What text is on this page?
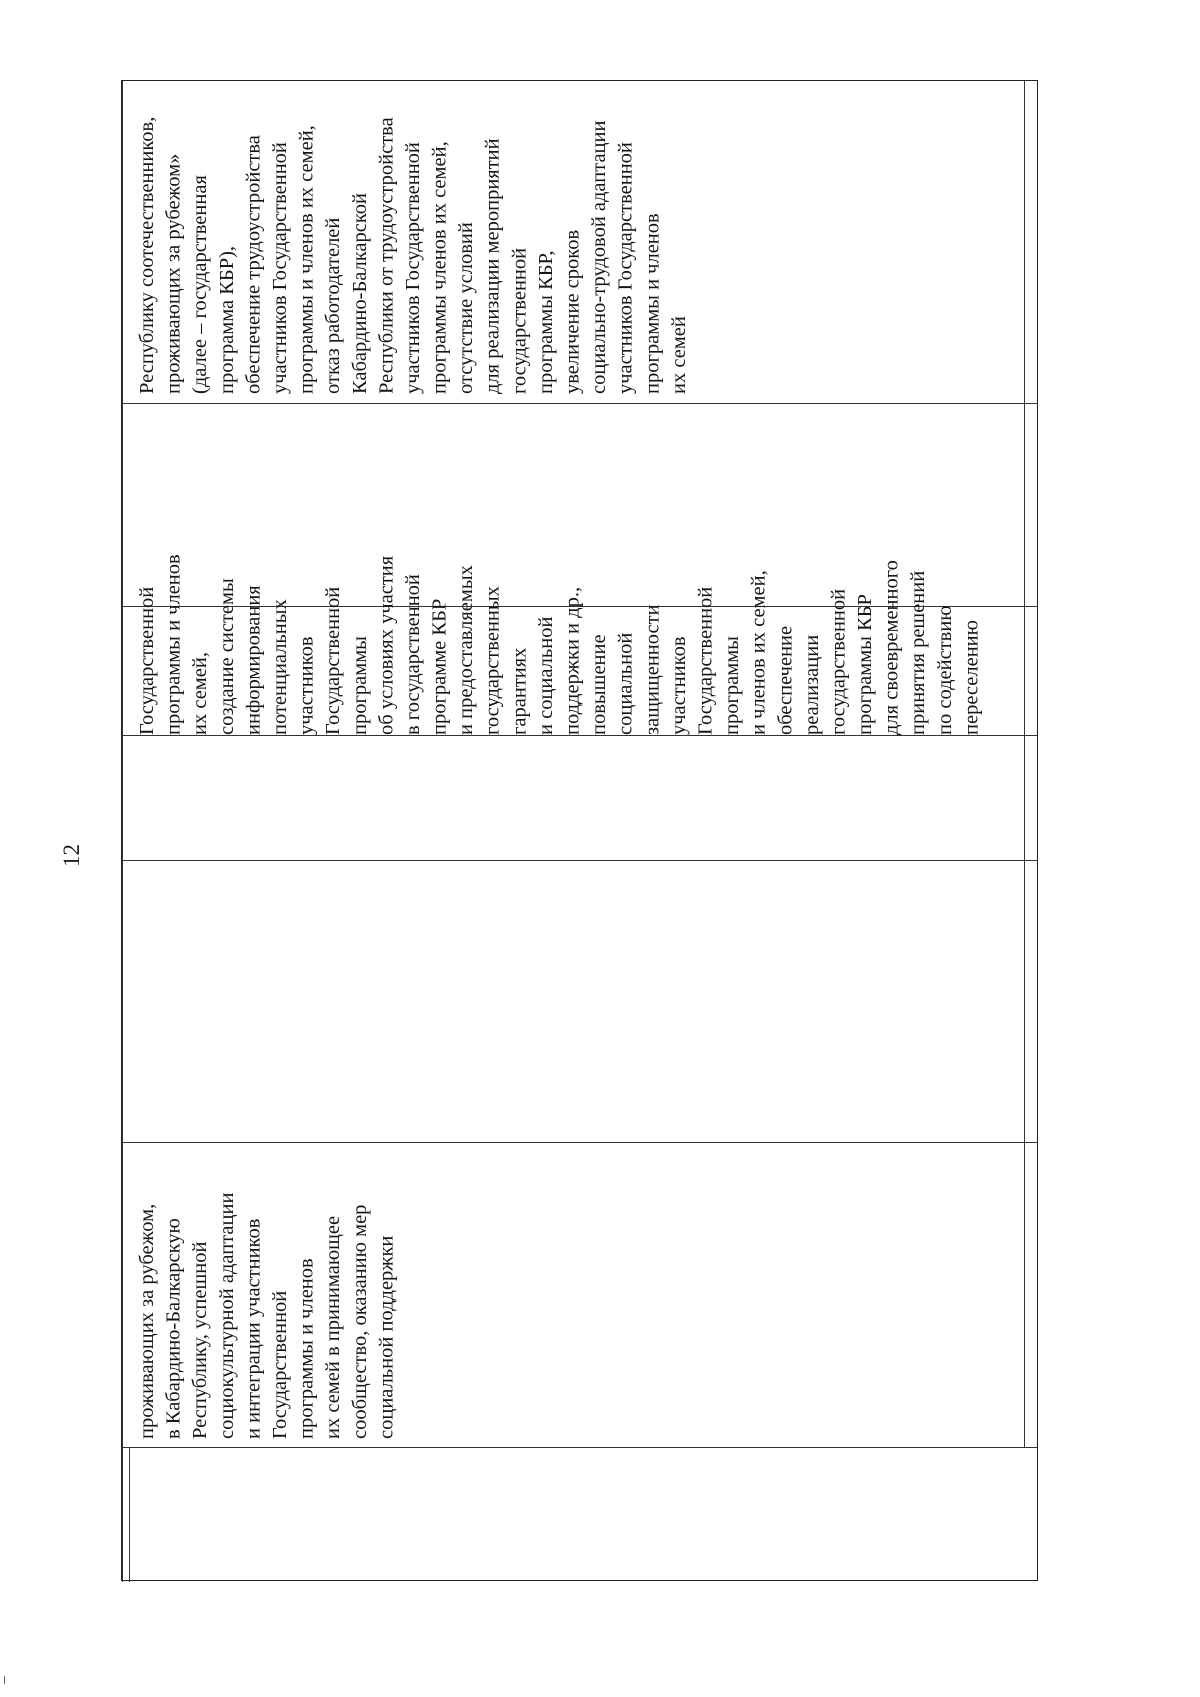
12
Республику соотечественников,
проживающих за рубежом»
(далее – государственная
программа КБР),
обеспечение трудоустройства
участников Государственной
программы и членов их семей,
отказ работодателей
Кабардино-Балкарской
Республики от трудоустройства
участников Государственной
программы членов их семей,
отсутствие условий
для реализации мероприятий
государственной
программы КБР,
увеличение сроков
социально-трудовой адаптации
участников Государственной
программы и членов
их семей
Государственной
программы и членов
их семей,
создание системы
информирования
потенциальных
участников
Государственной
программы
об условиях участия
в государственной
программе КБР
и предоставляемых
государственных
гарантиях
и социальной
поддержки и др.,
повышение
социальной
защищенности
участников
Государственной
программы
и членов их семей,
обеспечение
реализации
государственной
программы КБР
для своевременного
принятия решений
по содействию
переселению
проживающих за рубежом,
в Кабардино-Балкарскую
Республику, успешной
социокультурной адаптации
и интеграции участников
Государственной
программы и членов
их семей в принимающее
сообщество, оказанию мер
социальной поддержки
